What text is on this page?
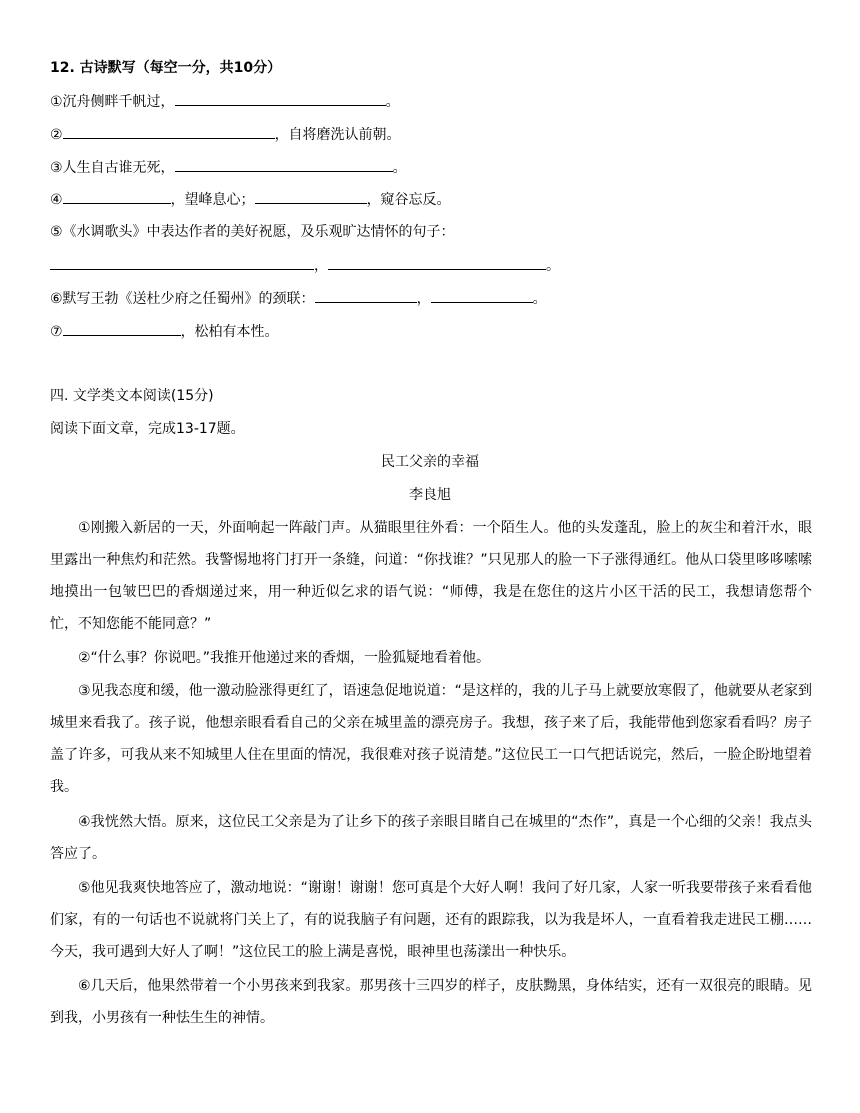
12. 古诗默写（每空一分，共10分）
①沉舟侧畔千帆过，	。
②	，自将磨洗认前朝。
③人生自古谁无死，	。
④	，望峰息心；	，窥谷忘反。
⑤《水调歌头》中表达作者的美好祝愿，及乐观旷达情怀的句子：
，	。
⑥默写王勃《送杜少府之任蜀州》的颈联：	，	。
⑦	，松柏有本性。
四. 文学类文本阅读(15分)
阅读下面文章，完成13-17题。
民工父亲的幸福
李良旭
①刚搬入新居的一天，外面响起一阵敲门声。从猫眼里往外看：一个陌生人。他的头发蓬乱，脸上的灰尘和着汗水，眼里露出一种焦灼和茫然。我警惕地将门打开一条缝，问道：“你找谁？”只见那人的脸一下子涨得通红。他从口袋里哆哆嗦嗦地摸出一包皱巴巴的香烟递过来，用一种近似乞求的语气说：“师傅，我是在您住的这片小区干活的民工，我想请您帮个忙，不知您能不能同意？”
②“什么事？你说吧。”我推开他递过来的香烟，一脸狐疑地看着他。
③见我态度和缓，他一激动脸涨得更红了，语速急促地说道：“是这样的，我的儿子马上就要放寒假了，他就要从老家到城里来看我了。孩子说，他想亲眼看看自己的父亲在城里盖的漂亮房子。我想，孩子来了后，我能带他到您家看看吗？房子盖了许多，可我从来不知城里人住在里面的情况，我很难对孩子说清楚。”这位民工一口气把话说完，然后，一脸企盼地望着我。
④我恍然大悟。原来，这位民工父亲是为了让乡下的孩子亲眼目睹自己在城里的“杰作”，真是一个心细的父亲！我点头答应了。
⑤他见我爽快地答应了，激动地说：“谢谢！谢谢！您可真是个大好人啊！我问了好几家，人家一听我要带孩子来看看他们家，有的一句话也不说就将门关上了，有的说我脑子有问题，还有的跟踪我，以为我是坏人，一直看着我走进民工棚……今天，我可遇到大好人了啊！”这位民工的脸上满是喜悦，眼神里也荡漾出一种快乐。
⑥几天后，他果然带着一个小男孩来到我家。那男孩十三四岁的样子，皮肤黝黑，身体结实，还有一双很亮的眼睛。见到我，小男孩有一种怯生生的神情。
